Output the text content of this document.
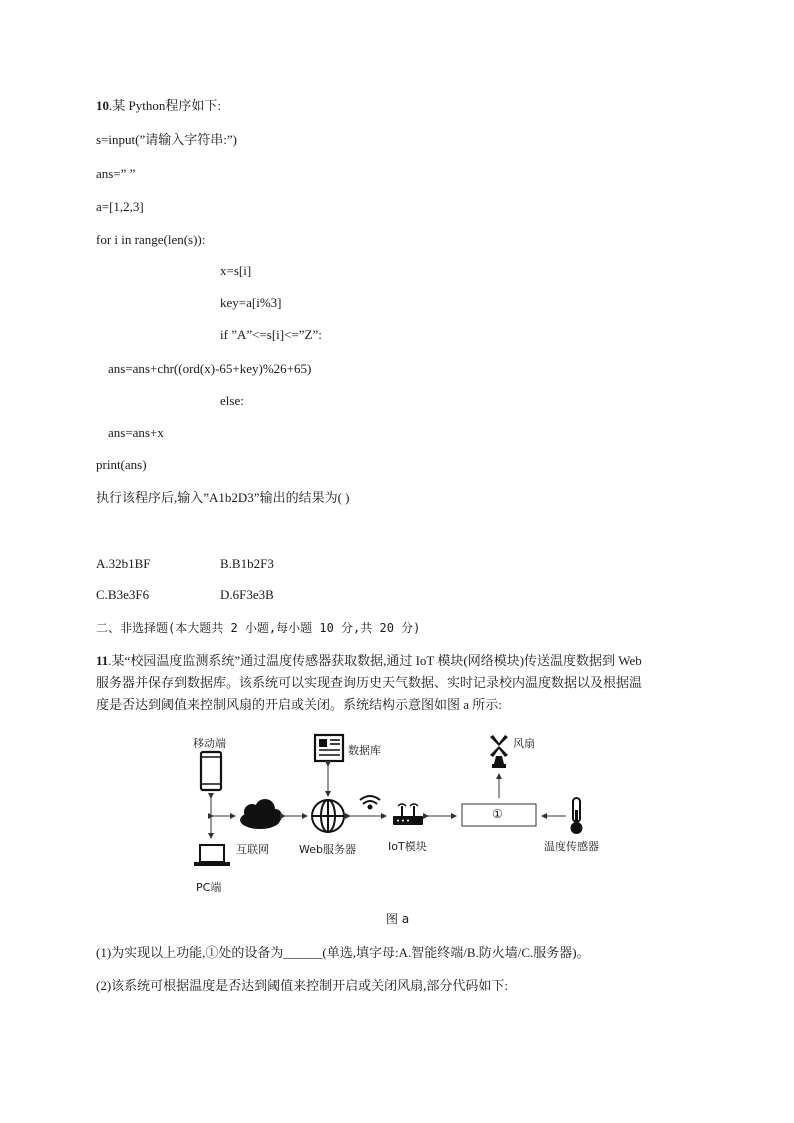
10.某 Python程序如下:
s=input(”请输入字符串:”)
ans=” ”
a=[1,2,3]
for i in range(len(s)):
x=s[i]
key=a[i%3]
if ”A”<=s[i]<=”Z”:
ans=ans+chr((ord(x)-65+key)%26+65)
else:
ans=ans+x
print(ans)
执行该程序后,输入”A1b2D3”输出的结果为( )
A.32b1BF	B.B1b2F3
C.B3e3F6	D.6F3e3B
二、非选择题(本大题共 2 小题,每小题 10 分,共 20 分)
11.某“校园温度监测系统”通过温度传感器获取数据,通过 IoT 模块(网络模块)传送温度数据到 Web
服务器并保存到数据库。该系统可以实现查询历史天气数据、实时记录校内温度数据以及根据温
度是否达到阈值来控制风扇的开启或关闭。系统结构示意图如图 a 所示:
移动端
PC端
互联网	Web服务器
数据库
IoT模块
风扇
温度传感器
①
图 a
(1)为实现以上功能,①处的设备为______(单选,填字母:A.智能终端/B.防火墙/C.服务器)。
(2)该系统可根据温度是否达到阈值来控制开启或关闭风扇,部分代码如下:
